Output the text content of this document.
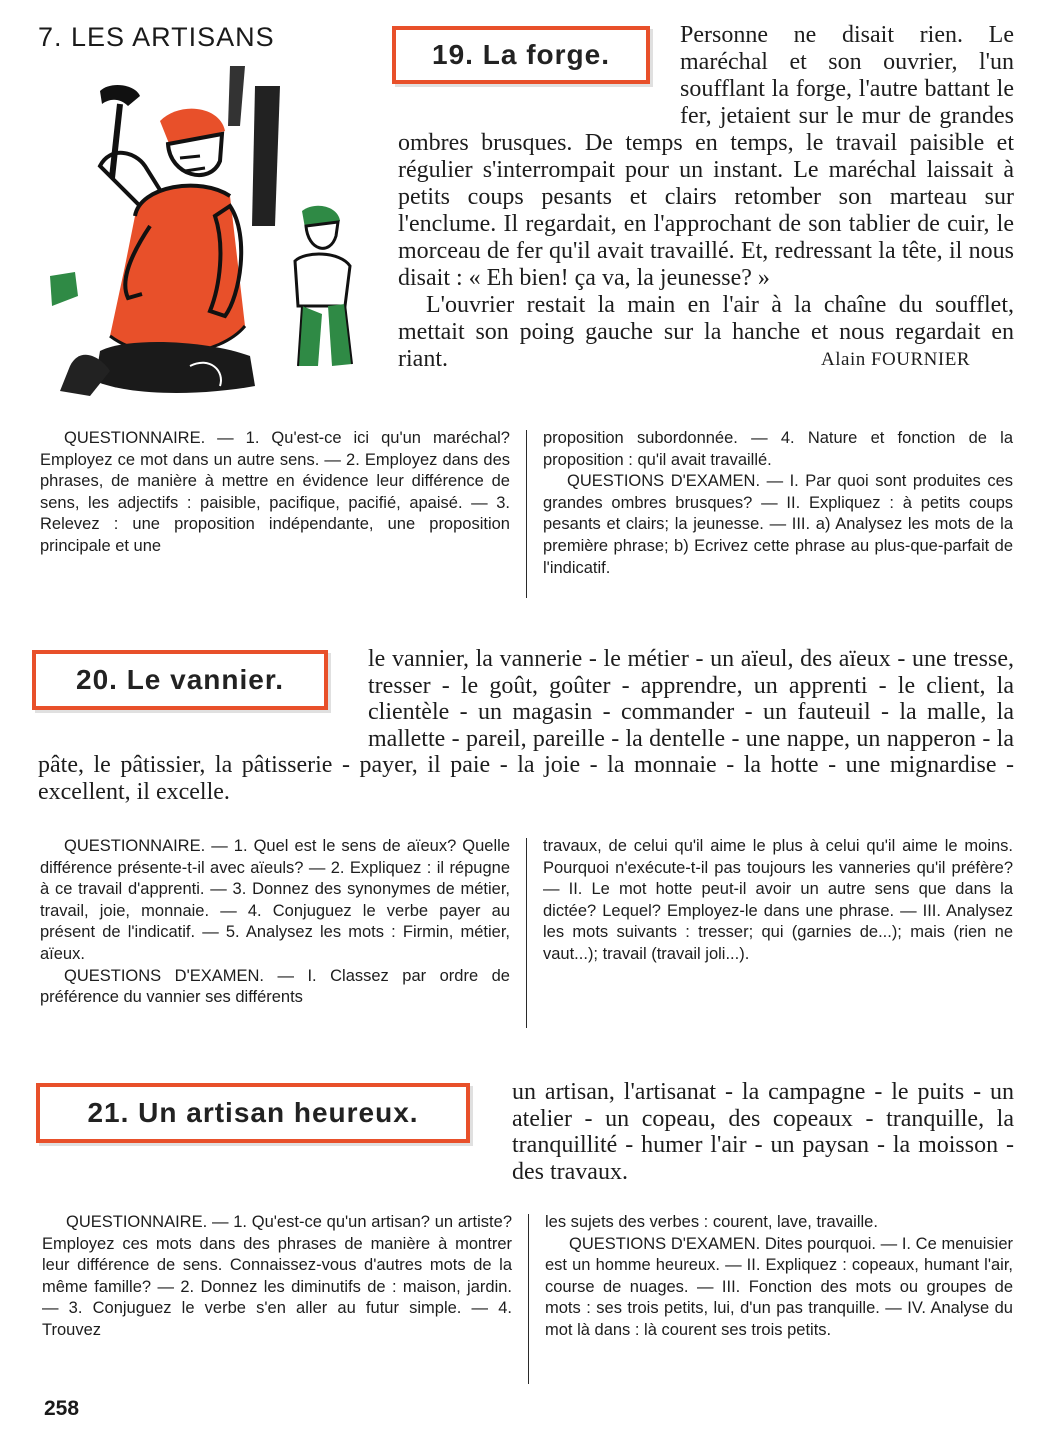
7. LES ARTISANS
19. La forge.

Personne ne disait rien. Le maréchal et son ouvrier, l'un soufflant la forge, l'autre battant le fer, jetaient sur le mur de grandes ombres brusques. De temps en temps, le travail paisible et régulier s'interrompait pour un instant. Le maréchal laissait à petits coups pesants et clairs retomber son marteau sur l'enclume. Il regardait, en l'approchant de son tablier de cuir, le morceau de fer qu'il avait travaillé. Et, redressant la tête, il nous disait : « Eh bien! ça va, la jeunesse? »

L'ouvrier restait la main en l'air à la chaîne du soufflet, mettait son poing gauche sur la hanche et nous regardait en riant.	Alain FOURNIER

QUESTIONNAIRE. — 1. Qu'est-ce ici qu'un maréchal? Employez ce mot dans un autre sens. — 2. Employez dans des phrases, de manière à mettre en évidence leur différence de sens, les adjectifs : paisible, pacifique, pacifié, apaisé. — 3. Relevez : une proposition indépendante, une proposition principale et une

proposition subordonnée. — 4. Nature et fonction de la proposition : qu'il avait travaillé.

QUESTIONS D'EXAMEN. — I. Par quoi sont produites ces grandes ombres brusques? — II. Expliquez : à petits coups pesants et clairs; la jeunesse. — III. a) Analysez les mots de la première phrase; b) Ecrivez cette phrase au plus-que-parfait de l'indicatif.

20. Le vannier.
le vannier, la vannerie - le métier - un aïeul, des aïeux - une tresse, tresser - le goût, goûter - apprendre, un apprenti - le client, la clientèle - un magasin - commander - un fauteuil - la malle, la mallette - pareil, pareille - la dentelle - une nappe, un napperon - la pâte, le pâtissier, la pâtisserie - payer, il paie - la joie - la monnaie - la hotte - une mignardise - excellent, il excelle.

QUESTIONNAIRE. — 1. Quel est le sens de aïeux? Quelle différence présente-t-il avec aïeuls? — 2. Expliquez : il répugne à ce travail d'apprenti. — 3. Donnez des synonymes de métier, travail, joie, monnaie. — 4. Conjuguez le verbe payer au présent de l'indicatif. — 5. Analysez les mots : Firmin, métier, aïeux.

QUESTIONS D'EXAMEN. — I. Classez par ordre de préférence du vannier ses différents

travaux, de celui qu'il aime le plus à celui qu'il aime le moins. Pourquoi n'exécute-t-il pas toujours les vanneries qu'il préfère? — II. Le mot hotte peut-il avoir un autre sens que dans la dictée? Lequel? Employez-le dans une phrase. — III. Analysez les mots suivants : tresser; qui (garnies de...); mais (rien ne vaut...); travail (travail joli...).

21. Un artisan heureux.
un artisan, l'artisanat - la campagne - le puits - un atelier - un copeau, des copeaux - tranquille, la tranquillité - humer l'air - un paysan - la moisson - des travaux.

QUESTIONNAIRE. — 1. Qu'est-ce qu'un artisan? un artiste? Employez ces mots dans des phrases de manière à montrer leur différence de sens. Connaissez-vous d'autres mots de la même famille? — 2. Donnez les diminutifs de : maison, jardin. — 3. Conjuguez le verbe s'en aller au futur simple. — 4. Trouvez

les sujets des verbes : courent, lave, travaille.

QUESTIONS D'EXAMEN. Dites pourquoi. — I. Ce menuisier est un homme heureux. — II. Expliquez : copeaux, humant l'air, course de nuages. — III. Fonction des mots ou groupes de mots : ses trois petits, lui, d'un pas tranquille. — IV. Analyse du mot là dans : là courent ses trois petits.

258
